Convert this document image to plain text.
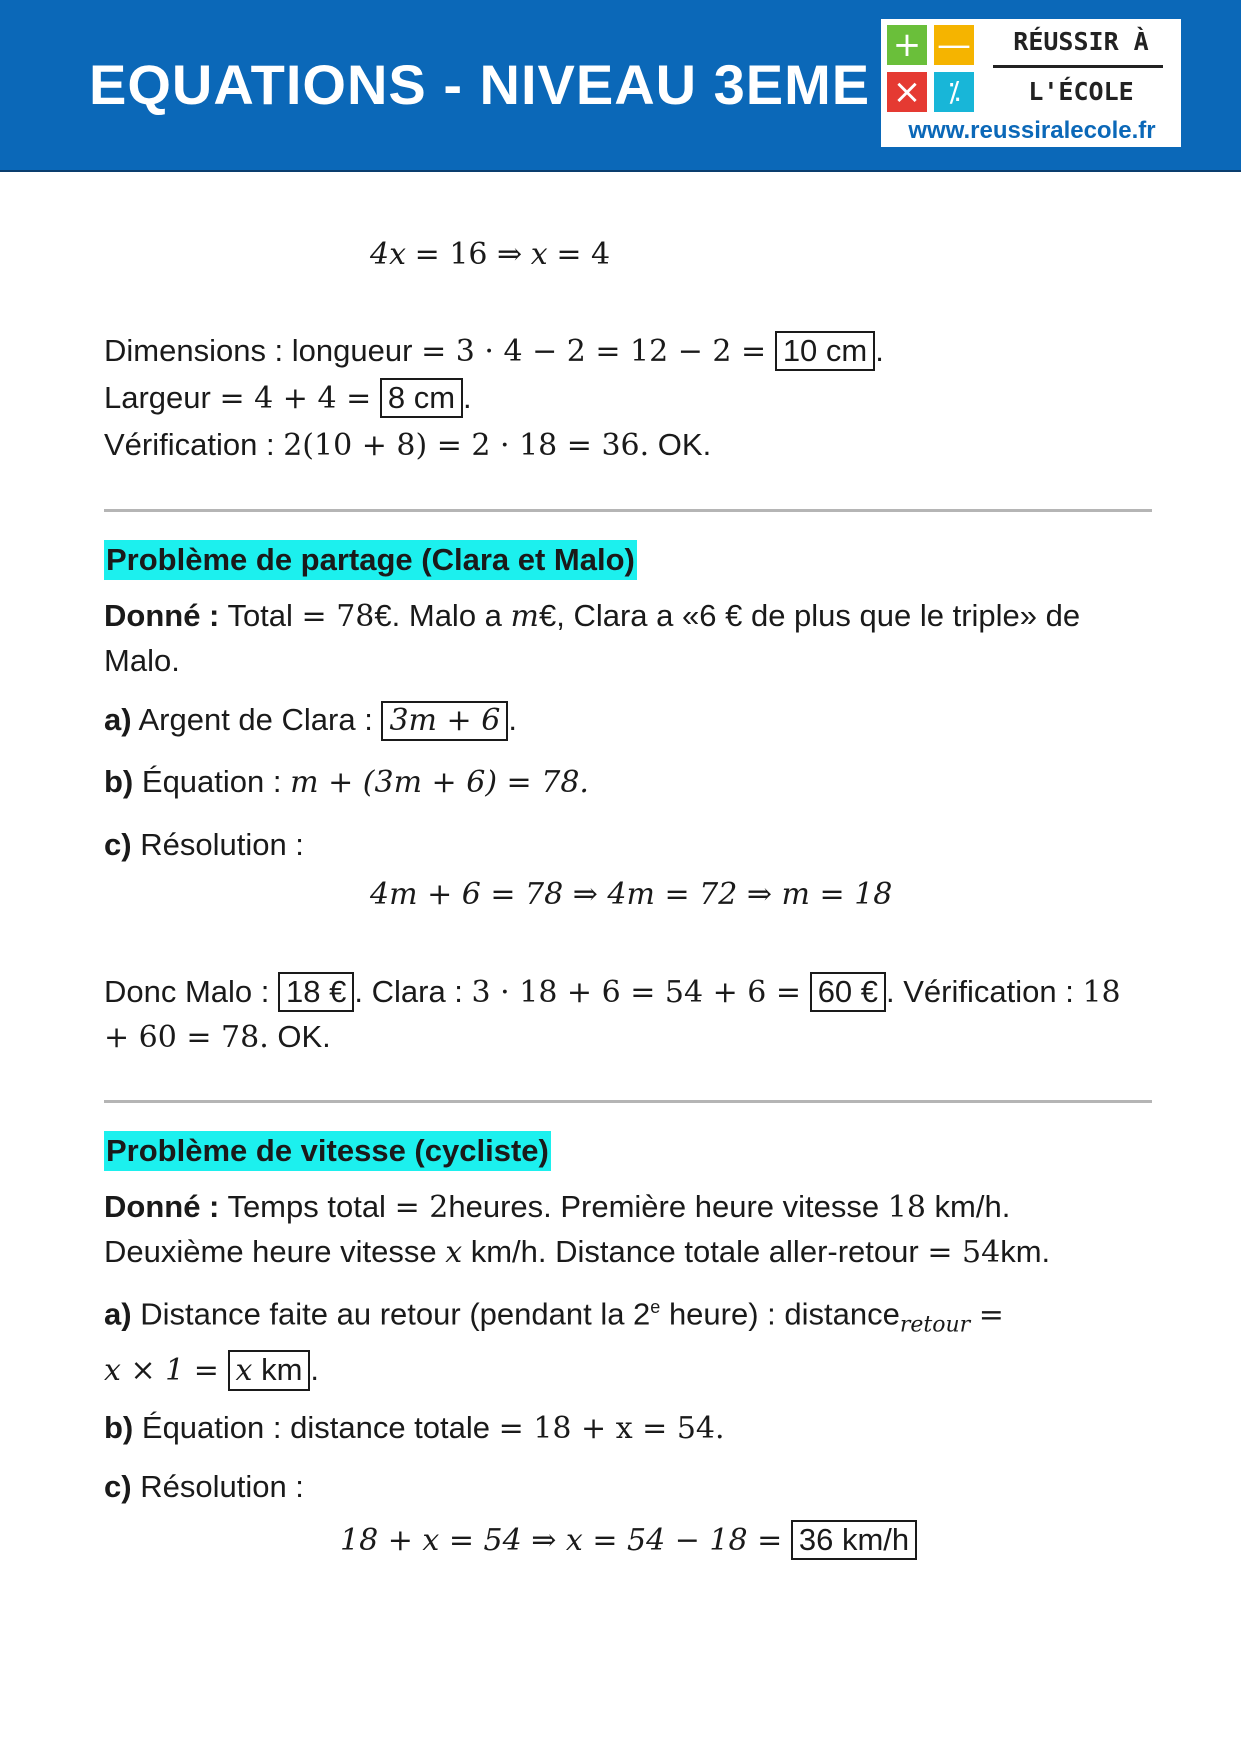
EQUATIONS - NIVEAU 3EME
+ —
× ⁒
RÉUSSIR À
L'ÉCOLE
www.reussiralecole.fr

4x = 16 ⇒ x = 4

Dimensions : longueur = 3 · 4 − 2 = 12 − 2 = 10 cm .

Largeur = 4 + 4 = 8 cm .

Vérification : 2(10 + 8) = 2 · 18 = 36. OK.

Problème de partage (Clara et Malo)

Donné : Total = 78€. Malo a m€, Clara a «6 € de plus que le triple» de Malo.

a) Argent de Clara : 3m + 6 .

b) Équation : m + (3m + 6) = 78.

c) Résolution :

4m + 6 = 78 ⇒ 4m = 72 ⇒ m = 18

Donc Malo : 18 € . Clara : 3 · 18 + 6 = 54 + 6 = 60 € . Vérification : 18 + 60 = 78. OK.

Problème de vitesse (cycliste)

Donné : Temps total = 2heures. Première heure vitesse 18 km/h.
Deuxième heure vitesse x km/h. Distance totale aller-retour = 54km.

a) Distance faite au retour (pendant la 2e heure) : distance$_{retour}$ =
x × 1 = x km .

b) Équation : distance totale = 18 + x = 54.

c) Résolution :

18 + x = 54 ⇒ x = 54 − 18 = 36 km/h
